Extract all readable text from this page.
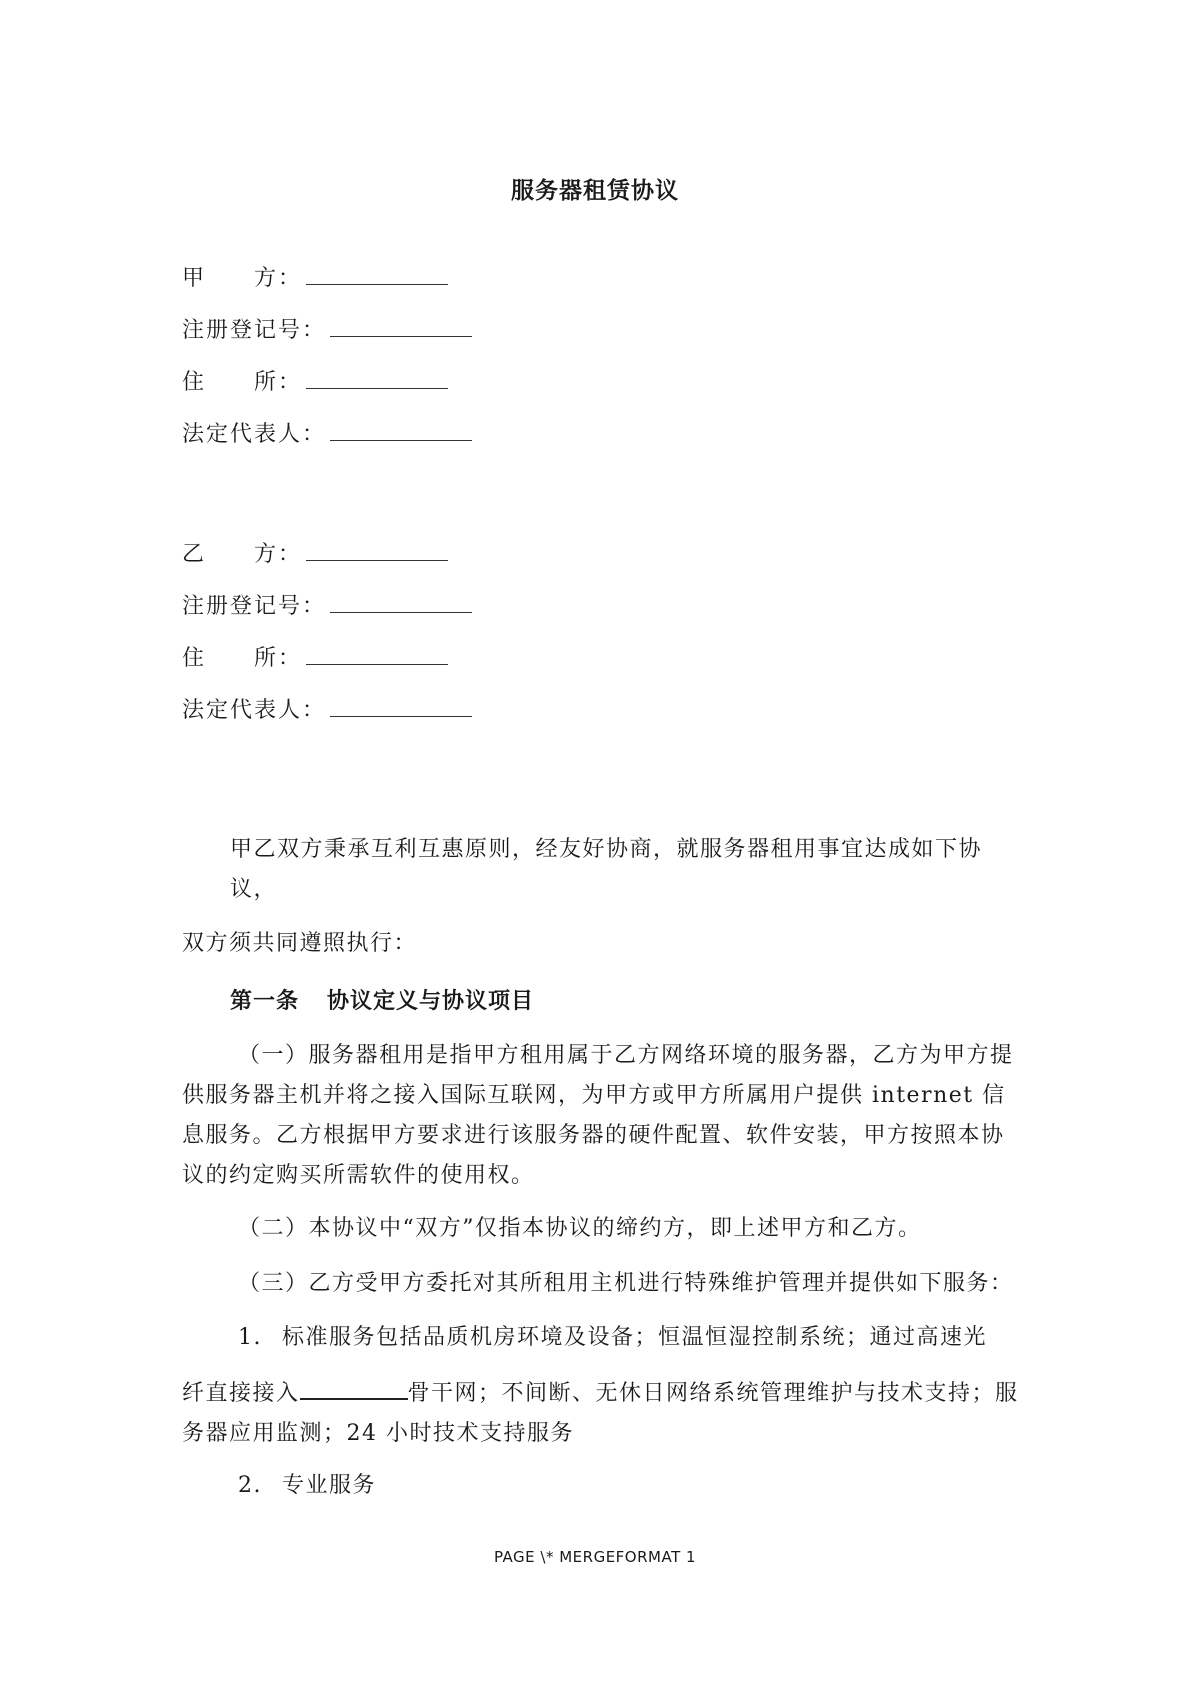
服务器租赁协议
甲　　方：
注册登记号：
住　　所：
法定代表人：
乙　　方：
注册登记号：
住　　所：
法定代表人：
甲乙双方秉承互利互惠原则，经友好协商，就服务器租用事宜达成如下协议，
双方须共同遵照执行：
第一条 协议定义与协议项目
（一）服务器租用是指甲方租用属于乙方网络环境的服务器，乙方为甲方提供服务器主机并将之接入国际互联网，为甲方或甲方所属用户提供 internet 信息服务。乙方根据甲方要求进行该服务器的硬件配置、软件安装，甲方按照本协议的约定购买所需软件的使用权。
（二）本协议中“双方”仅指本协议的缔约方，即上述甲方和乙方。
（三）乙方受甲方委托对其所租用主机进行特殊维护管理并提供如下服务：
1. 标准服务包括品质机房环境及设备；恒温恒湿控制系统；通过高速光
纤直接接入	骨干网；不间断、无休日网络系统管理维护与技术支持；服务器应用监测；24 小时技术支持服务
2. 专业服务
PAGE \* MERGEFORMAT 1
